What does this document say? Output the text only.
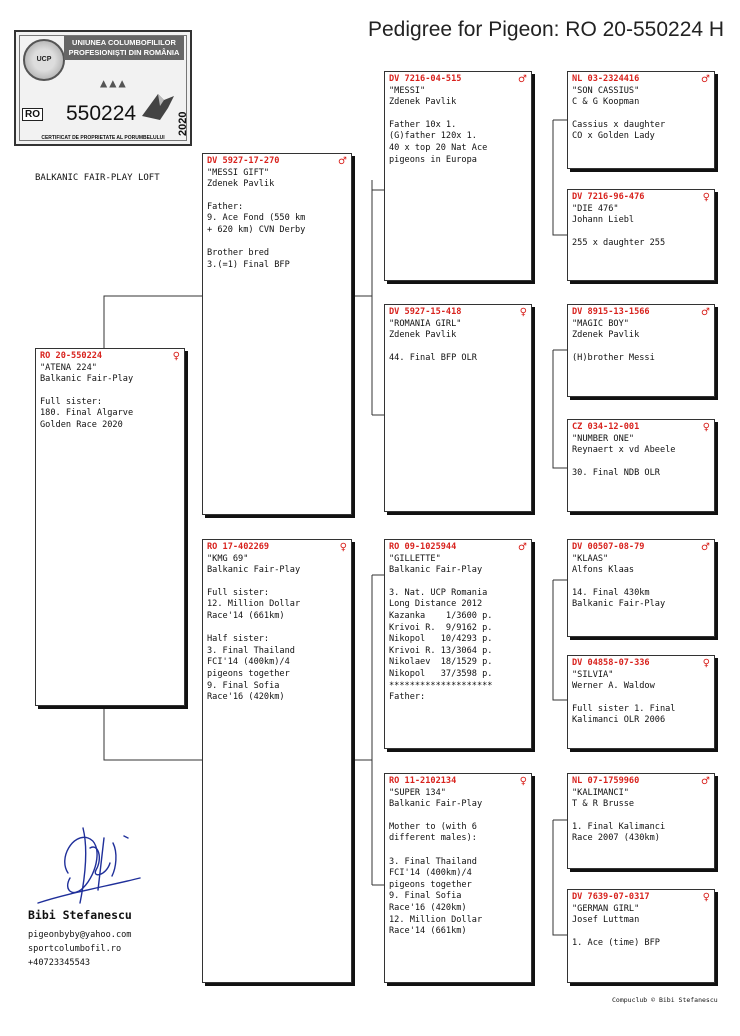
Pedigree for Pigeon: RO 20-550224 H
UCP
UNIUNEA COLUMBOFILILOR
PROFESIONIȘTI DIN ROMÂNIA
▲▲▲
RO 550224	2020
CERTIFICAT DE PROPRIETATE AL PORUMBELULUI
BALKANIC FAIR-PLAY LOFT
RO 20-550224	♀
"ATENA 224"
Balkanic Fair-Play
Full sister:
180. Final Algarve
Golden Race 2020
DV 5927-17-270	♂
"MESSI GIFT"
Zdenek Pavlik
Father:
9. Ace Fond (550 km
+ 620 km) CVN Derby

Brother bred
3.(=1) Final BFP
RO 17-402269	♀
"KMG 69"
Balkanic Fair-Play
Full sister:
12. Million Dollar
Race'14 (661km)

Half sister:
3. Final Thailand
FCI'14 (400km)/4
pigeons together
9. Final Sofia
Race'16 (420km)
DV 7216-04-515	♂
"MESSI"
Zdenek Pavlik
Father 10x 1.
(G)father 120x 1.
40 x top 20 Nat Ace
pigeons in Europa
DV 5927-15-418	♀
"ROMANIA GIRL"
Zdenek Pavlik
44. Final BFP OLR
RO 09-1025944	♂
"GILLETTE"
Balkanic Fair-Play
3. Nat. UCP Romania
Long Distance 2012
Kazanka    1/3600 p.
Krivoi R.  9/9162 p.
Nikopol   10/4293 p.
Krivoi R. 13/3064 p.
Nikolaev  18/1529 p.
Nikopol   37/3598 p.
********************
Father:
RO 11-2102134	♀
"SUPER 134"
Balkanic Fair-Play
Mother to (with 6
different males):

3. Final Thailand
FCI'14 (400km)/4
pigeons together
9. Final Sofia
Race'16 (420km)
12. Million Dollar
Race'14 (661km)
NL 03-2324416	♂
"SON CASSIUS"
C & G Koopman
Cassius x daughter
CO x Golden Lady
DV 7216-96-476	♀
"DIE 476"
Johann Liebl
255 x daughter 255
DV 8915-13-1566	♂
"MAGIC BOY"
Zdenek Pavlik
(H)brother Messi
CZ 034-12-001	♀
"NUMBER ONE"
Reynaert x vd Abeele
30. Final NDB OLR
DV 00507-08-79	♂
"KLAAS"
Alfons Klaas
14. Final 430km
Balkanic Fair-Play
DV 04858-07-336	♀
"SILVIA"
Werner A. Waldow
Full sister 1. Final
Kalimanci OLR 2006
NL 07-1759960	♂
"KALIMANCI"
T & R Brusse
1. Final Kalimanci
Race 2007 (430km)
DV 7639-07-0317	♀
"GERMAN GIRL"
Josef Luttman
1. Ace (time) BFP
Bibi Stefanescu
pigeonbyby@yahoo.com
sportcolumbofil.ro
+40723345543
Compuclub © Bibi Stefanescu
